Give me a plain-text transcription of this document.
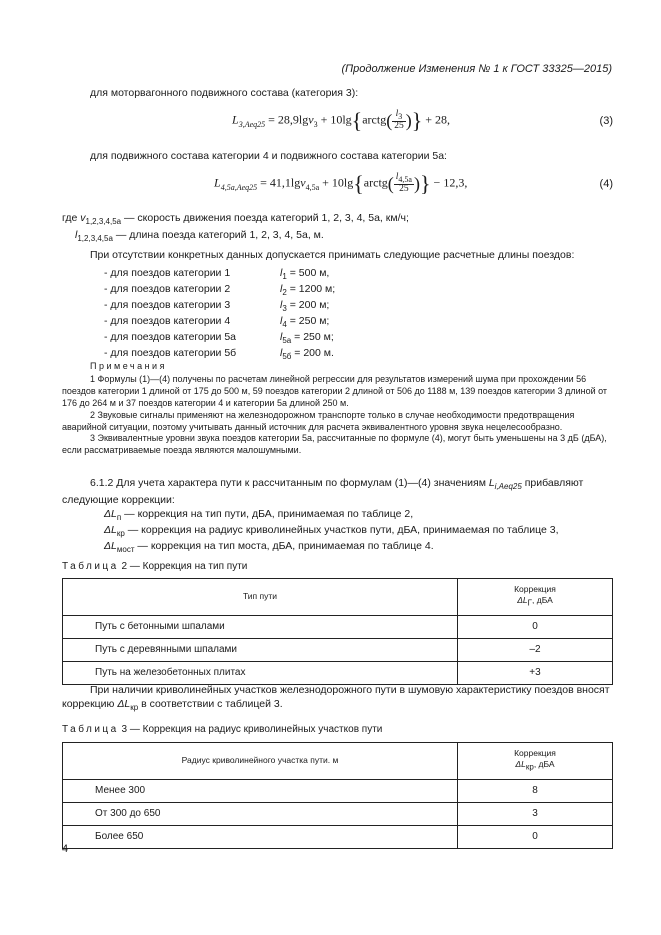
(Продолжение Изменения № 1 к ГОСТ 33325—2015)
для моторвагонного подвижного состава (категория 3):
$L_{3,Aeq25} = 28,9\lg v_3$ + 10lg{arctg( $\frac{l_3}{25}$ )} + 28,	(3)
для подвижного состава категории 4 и подвижного состава категории 5а:
$L_{4,5a,Aeq25} = 41,1\lg v_{4,5a}$ + 10lg{arctg( $\frac{l_{4,5a}}{25}$ )} − 12,3,	(4)
где $v_{1,2,3,4,5а}$ — скорость движения поезда категорий 1, 2, 3, 4, 5а, км/ч;
$l_{1,2,3,4,5а}$ — длина поезда категорий 1, 2, 3, 4, 5а, м.
При отсутствии конкретных данных допускается принимать следующие расчетные длины поездов:
- для поездов категории 1	$l_1 = 500$ м,
- для поездов категории 2	$l_2 = 1200$ м;
- для поездов категории 3	$l_3 = 200$ м;
- для поездов категории 4	$l_4 = 250$ м;
- для поездов категории 5а	$l_{5а} = 250$ м;
- для поездов категории 5б	$l_{5б} = 200$ м.
Примечания

1 Формулы (1)—(4) получены по расчетам линейной регрессии для результатов измерений шума при прохождении 56 поездов категории 1 длиной от 175 до 500 м, 59 поездов категории 2 длиной от 506 до 1188 м, 139 поездов категории 3 длиной от 176 до 264 м и 37 поездов категории 4 и категории 5а длиной 250 м.

2 Звуковые сигналы применяют на железнодорожном транспорте только в случае необходимости предотвращения аварийной ситуации, поэтому учитывать данный источник для расчета эквивалентного уровня звука нецелесообразно.

3 Эквивалентные уровни звука поездов категории 5а, рассчитанные по формуле (4), могут быть уменьшены на 3 дБ (дБА), если рассматриваемые поезда являются малошумными.

6.1.2 Для учета характера пути к рассчитанным по формулам (1)—(4) значениям $L_{i,Aeq25}$ прибавляют следующие коррекции:
$\Delta L_п$ — коррекция на тип пути, дБА, принимаемая по таблице 2,
$\Delta L_{кр}$ — коррекция на радиус криволинейных участков пути, дБА, принимаемая по таблице 3,
$\Delta L_{мост}$ — коррекция на тип моста, дБА, принимаемая по таблице 4.
Таблица 2 — Коррекция на тип пути
Тип пути	Коррекция
$\Delta L_Г$, дБА
Путь с бетонными шпалами	0
Путь с деревянными шпалами	–2
Путь на железобетонных плитах	+3
При наличии криволинейных участков железнодорожного пути в шумовую характеристику поездов вносят коррекцию $\Delta L_{кр}$ в соответствии с таблицей 3.
Таблица 3 — Коррекция на радиус криволинейных участков пути
Радиус криволинейного участка пути. м	Коррекция
$\Delta L_{кр}$, дБА
Менее 300	8
От 300 до 650	3
Более 650	0
4
